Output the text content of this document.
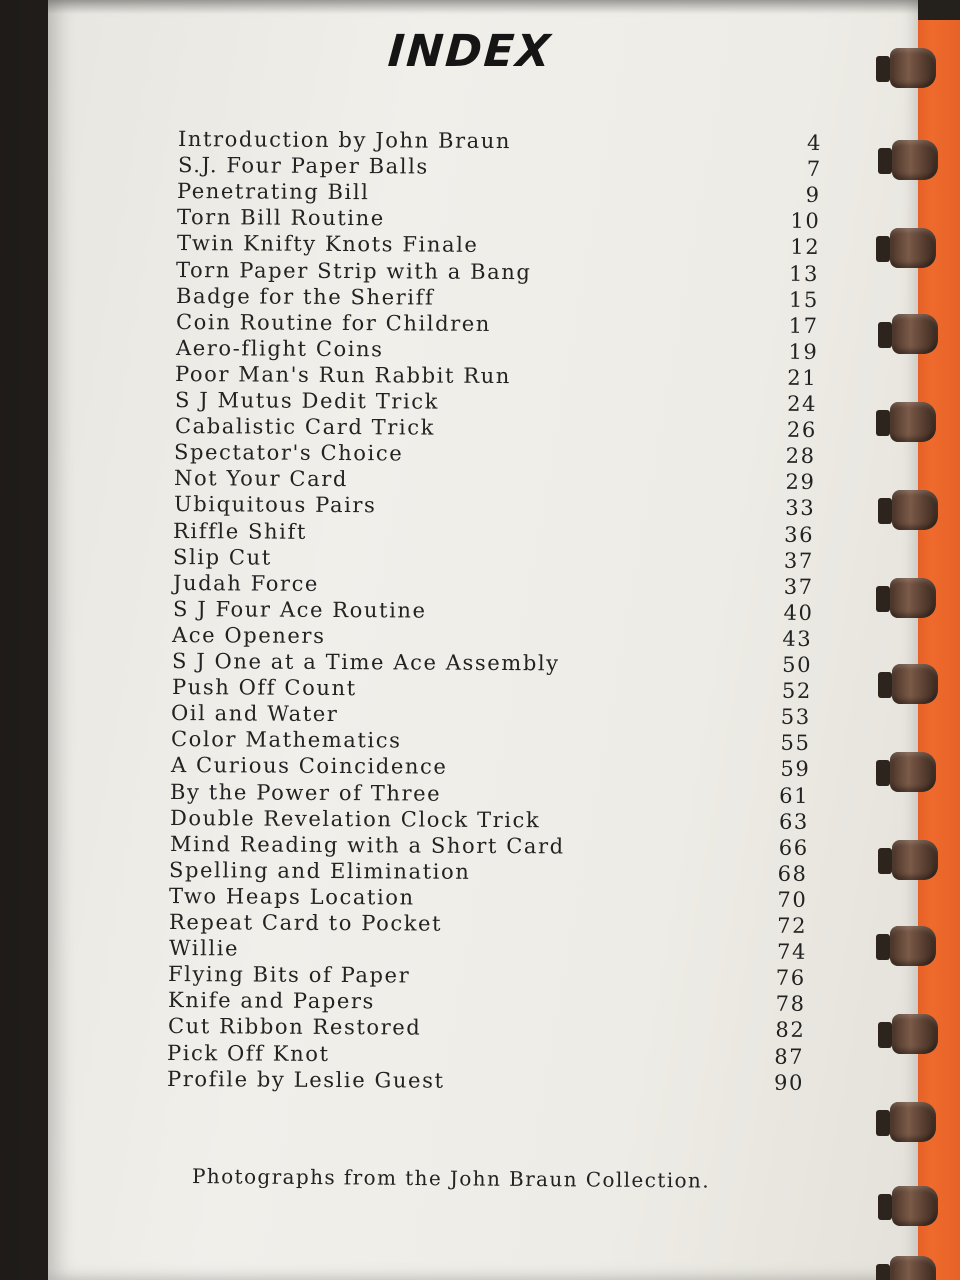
INDEX
Introduction by John Braun	4
S.J. Four Paper Balls	7
Penetrating Bill	9
Torn Bill Routine	10
Twin Knifty Knots Finale	12
Torn Paper Strip with a Bang	13
Badge for the Sheriff	15
Coin Routine for Children	17
Aero-flight Coins	19
Poor Man's Run Rabbit Run	21
S J Mutus Dedit Trick	24
Cabalistic Card Trick	26
Spectator's Choice	28
Not Your Card	29
Ubiquitous Pairs	33
Riffle Shift	36
Slip Cut	37
Judah Force	37
S J Four Ace Routine	40
Ace Openers	43
S J One at a Time Ace Assembly	50
Push Off Count	52
Oil and Water	53
Color Mathematics	55
A Curious Coincidence	59
By the Power of Three	61
Double Revelation Clock Trick	63
Mind Reading with a Short Card	66
Spelling and Elimination	68
Two Heaps Location	70
Repeat Card to Pocket	72
Willie	74
Flying Bits of Paper	76
Knife and Papers	78
Cut Ribbon Restored	82
Pick Off Knot	87
Profile by Leslie Guest	90
Photographs from the John Braun Collection.
